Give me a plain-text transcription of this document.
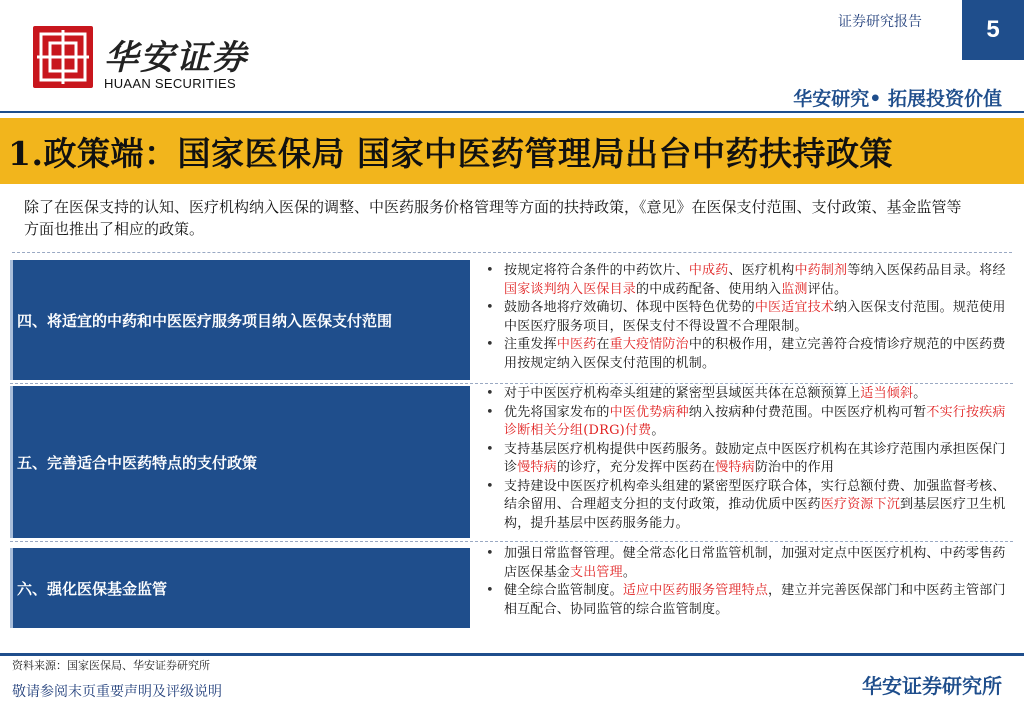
华安证券
HUAAN SECURITIES
证券研究报告	5
华安研究• 拓展投资价值
1.政策端：国家医保局 国家中医药管理局出台中药扶持政策
除了在医保支持的认知、医疗机构纳入医保的调整、中医药服务价格管理等方面的扶持政策，《意见》在医保支付范围、支付政策、基金监管等方面也推出了相应的政策。
四、将适宜的中药和中医医疗服务项目纳入医保支付范围
• 按规定将符合条件的中药饮片、中成药、医疗机构中药制剂等纳入医保药品目录。将经国家谈判纳入医保目录的中成药配备、使用纳入监测评估。
• 鼓励各地将疗效确切、体现中医特色优势的中医适宜技术纳入医保支付范围。规范使用中医医疗服务项目，医保支付不得设置不合理限制。
• 注重发挥中医药在重大疫情防治中的积极作用，建立完善符合疫情诊疗规范的中医药费用按规定纳入医保支付范围的机制。
五、完善适合中医药特点的支付政策
• 对于中医医疗机构牵头组建的紧密型县域医共体在总额预算上适当倾斜。
• 优先将国家发布的中医优势病种纳入按病种付费范围。中医医疗机构可暂不实行按疾病诊断相关分组(DRG)付费。
• 支持基层医疗机构提供中医药服务。鼓励定点中医医疗机构在其诊疗范围内承担医保门诊慢特病的诊疗，充分发挥中医药在慢特病防治中的作用
• 支持建设中医医疗机构牵头组建的紧密型医疗联合体，实行总额付费、加强监督考核、结余留用、合理超支分担的支付政策，推动优质中医药医疗资源下沉到基层医疗卫生机构，提升基层中医药服务能力。
六、强化医保基金监管
• 加强日常监督管理。健全常态化日常监管机制，加强对定点中医医疗机构、中药零售药店医保基金支出管理。
• 健全综合监管制度。适应中医药服务管理特点，建立并完善医保部门和中医药主管部门相互配合、协同监管的综合监管制度。
资料来源：国家医保局、华安证券研究所
敬请参阅末页重要声明及评级说明	华安证券研究所
